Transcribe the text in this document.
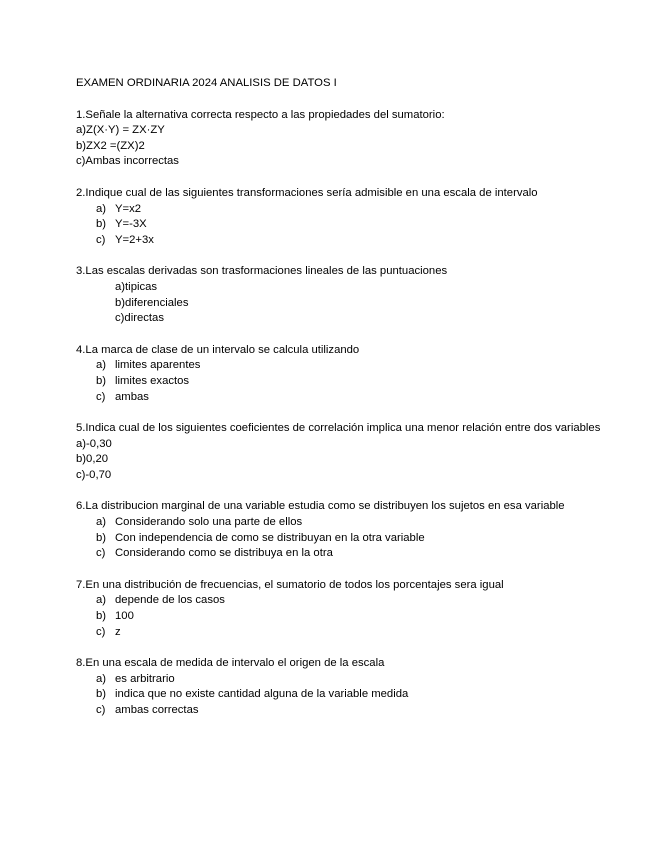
EXAMEN ORDINARIA 2024 ANALISIS DE DATOS I
1.Señale la alternativa correcta respecto a las propiedades del sumatorio:
a)Z(X·Y) = ZX·ZY
b)ZX2 =(ZX)2
c)Ambas incorrectas
2.Indique cual de las siguientes transformaciones sería admisible en una escala de intervalo
a) Y=x2
b) Y=-3X
c) Y=2+3x
3.Las escalas derivadas son trasformaciones lineales de las puntuaciones
a)tipicas
b)diferenciales
c)directas
4.La marca de clase de un intervalo se calcula utilizando
a) limites aparentes
b) limites exactos
c) ambas
5.Indica cual de los siguientes coeficientes de correlación implica una menor relación entre dos variables
a)-0,30
b)0,20
c)-0,70
6.La distribucion marginal de una variable estudia como se distribuyen los sujetos en esa variable
a) Considerando solo una parte de ellos
b) Con independencia de como se distribuyan en la otra variable
c) Considerando como se distribuya en la otra
7.En una distribución de frecuencias, el sumatorio de todos los porcentajes sera igual
a) depende de los casos
b) 100
c) z
8.En una escala de medida de intervalo el origen de la escala
a) es arbitrario
b) indica que no existe cantidad alguna de la variable medida
c) ambas correctas
